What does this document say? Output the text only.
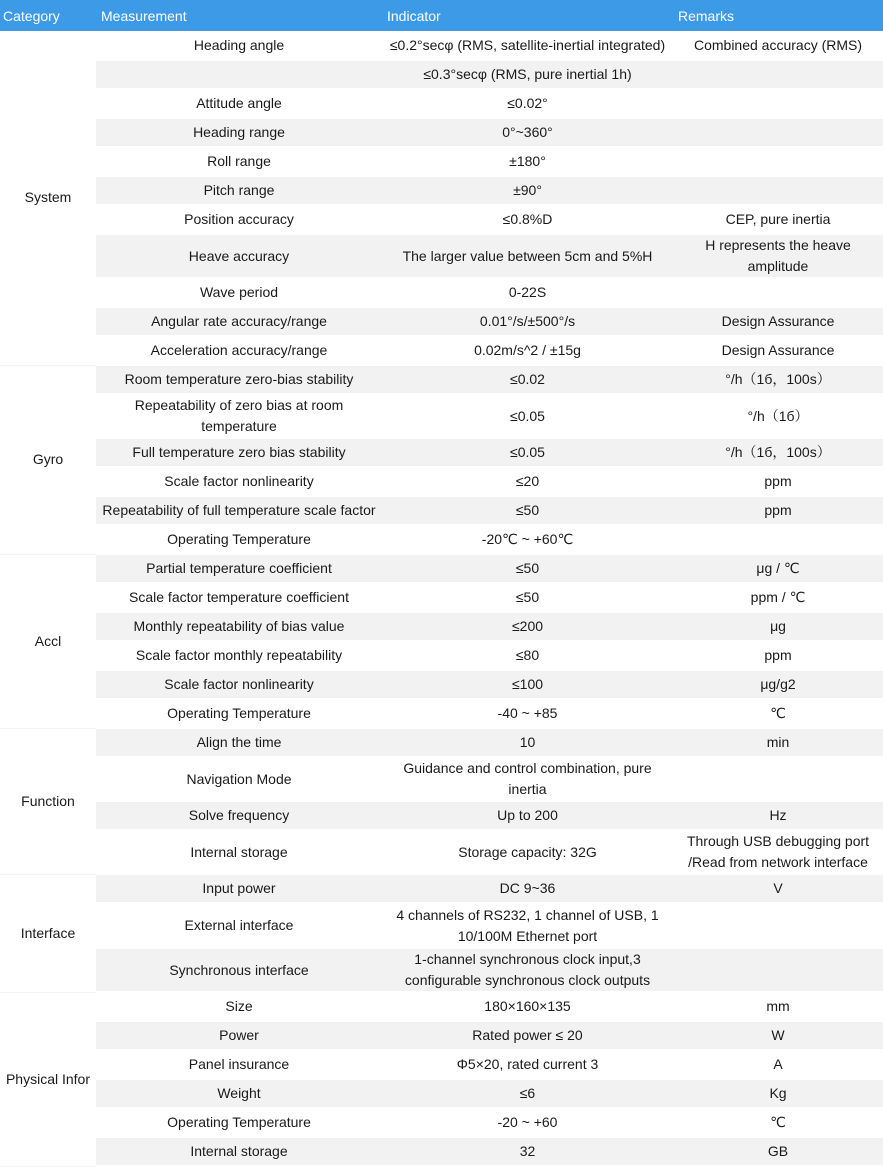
Category	Measurement	Indicator	Remarks
System	Heading angle	≤0.2°secφ (RMS, satellite-inertial integrated)	Combined accuracy (RMS)
		≤0.3°secφ (RMS, pure inertial 1h)	
	Attitude angle	≤0.02°	
	Heading range	0°~360°	
	Roll range	±180°	
	Pitch range	±90°	
	Position accuracy	≤0.8%D	CEP, pure inertia
	Heave accuracy	The larger value between 5cm and 5%H	H represents the heave amplitude
	Wave period	0-22S	
	Angular rate accuracy/range	0.01°/s/±500°/s	Design Assurance
	Acceleration accuracy/range	0.02m/s^2 / ±15g	Design Assurance
Gyro	Room temperature zero-bias stability	≤0.02	°/h（1б，100s）
	Repeatability of zero bias at room temperature	≤0.05	°/h（1б）
	Full temperature zero bias stability	≤0.05	°/h（1б，100s）
	Scale factor nonlinearity	≤20	ppm
	Repeatability of full temperature scale factor	≤50	ppm
	Operating Temperature	-20℃ ~ +60℃	
Accl	Partial temperature coefficient	≤50	μg / ℃
	Scale factor temperature coefficient	≤50	ppm / ℃
	Monthly repeatability of bias value	≤200	μg
	Scale factor monthly repeatability	≤80	ppm
	Scale factor nonlinearity	≤100	μg/g2
	Operating Temperature	-40 ~ +85	℃
Function	Align the time	10	min
	Navigation Mode	Guidance and control combination, pure inertia	
	Solve frequency	Up to 200	Hz
	Internal storage	Storage capacity: 32G	Through USB debugging port /Read from network interface
Interface	Input power	DC 9~36	V
	External interface	4 channels of RS232, 1 channel of USB, 1 10/100M Ethernet port	
	Synchronous interface	1-channel synchronous clock input,3 configurable synchronous clock outputs	
Physical Infor	Size	180×160×135	mm
	Power	Rated power ≤ 20	W
	Panel insurance	Φ5×20, rated current 3	A
	Weight	≤6	Kg
	Operating Temperature	-20 ~ +60	℃
	Internal storage	32	GB
